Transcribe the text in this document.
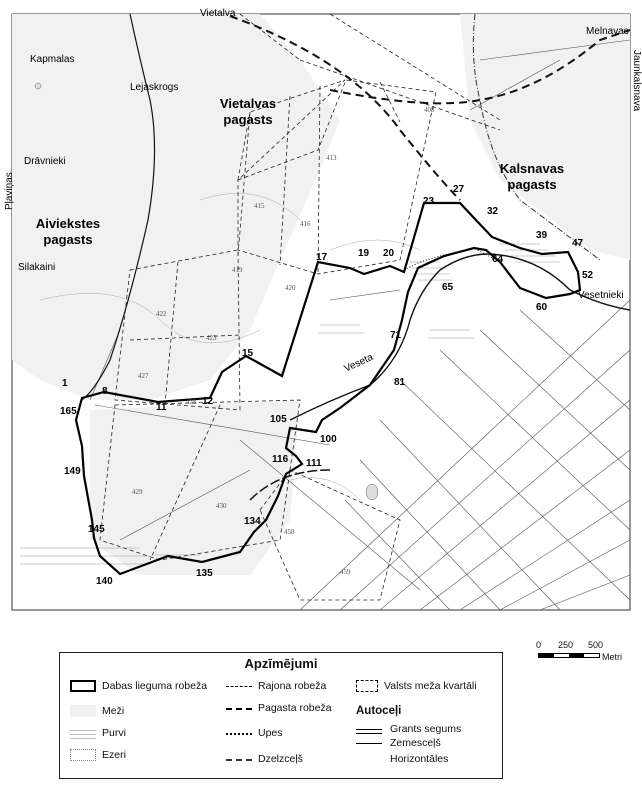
Vietalva
Melnavas
Kapmalas
Lejaskrogs
Drāvnieki
Silakaini
Vesetnieki
Veseta
Jaunkalsnava
Pļaviņas
Vietalvas
pagasts
Kalsnavas
pagasts
Aiviekstes
pagasts
408
413
415
416
419
420
422
423
427
428
429
430
458
459
1
8
11
12
15
17	19 20
23
27
32
39
47
52
60
64
65
71
81
100
105
111
116
134
135
140
145
149
165
0 250 500
Metri
Apzīmējumi
Dabas lieguma robeža
Meži
Purvi
Ezeri
Rajona robeža
Pagasta robeža
Upes
Dzelzceļš
Valsts meža kvartāli
Autoceļi
Grants segums
Zemesceļš
Horizontāles
